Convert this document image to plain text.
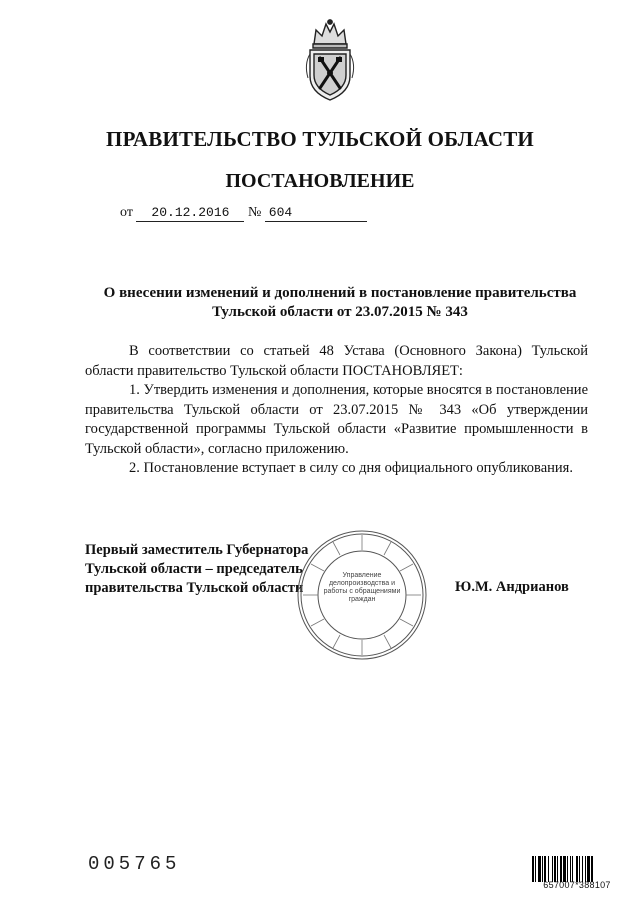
ПРАВИТЕЛЬСТВО ТУЛЬСКОЙ ОБЛАСТИ
ПОСТАНОВЛЕНИЕ
от 20.12.2016 № 604
О внесении изменений и дополнений в постановление правительства
Тульской области от 23.07.2015 № 343

В соответствии со статьей 48 Устава (Основного Закона) Тульской области правительство Тульской области ПОСТАНОВЛЯЕТ:

1. Утвердить изменения и дополнения, которые вносятся в постановление правительства Тульской области от 23.07.2015 № 343 «Об утверждении государственной программы Тульской области «Развитие промышленности в Тульской области», согласно приложению.

2. Постановление вступает в силу со дня официального опубликования.

Первый заместитель Губернатора
Тульской области – председатель
правительства Тульской области	Ю.М. Андрианов
Управление делопроизводства и работы с обращениями граждан
005765
657007*388107
